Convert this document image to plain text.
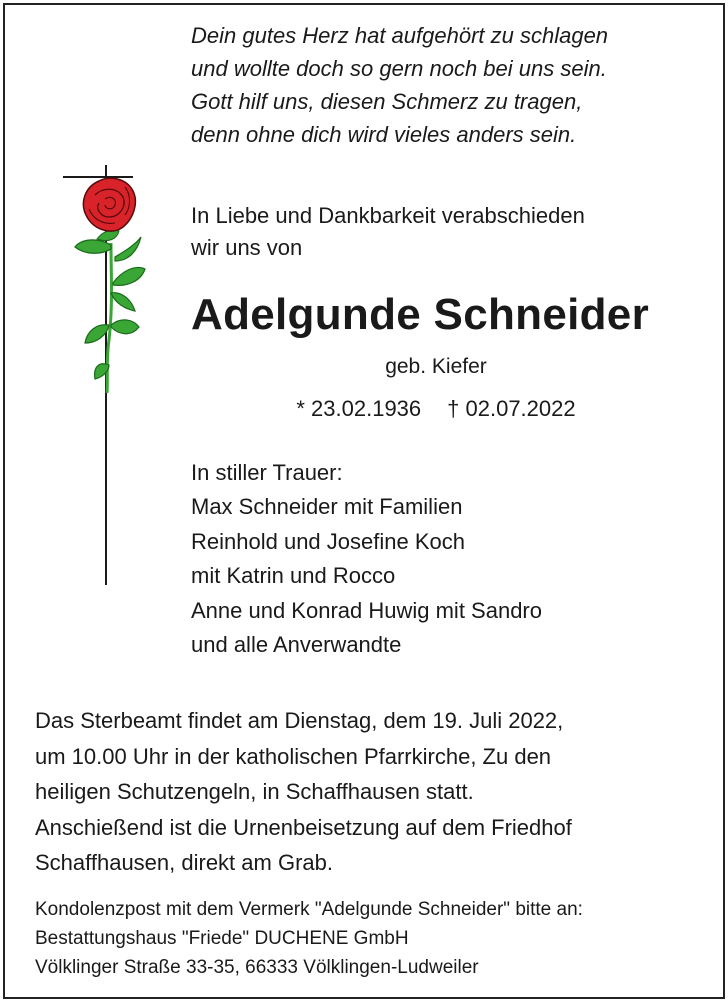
Dein gutes Herz hat aufgehört zu schlagen
und wollte doch so gern noch bei uns sein.
Gott hilf uns, diesen Schmerz zu tragen,
denn ohne dich wird vieles anders sein.
In Liebe und Dankbarkeit verabschieden
wir uns von
Adelgunde Schneider
geb. Kiefer
* 23.02.1936 † 02.07.2022
In stiller Trauer:
Max Schneider mit Familien
Reinhold und Josefine Koch
mit Katrin und Rocco
Anne und Konrad Huwig mit Sandro
und alle Anverwandte
Das Sterbeamt findet am Dienstag, dem 19. Juli 2022,
um 10.00 Uhr in der katholischen Pfarrkirche, Zu den
heiligen Schutzengeln, in Schaffhausen statt.
Anschießend ist die Urnenbeisetzung auf dem Friedhof
Schaffhausen, direkt am Grab.
Kondolenzpost mit dem Vermerk "Adelgunde Schneider" bitte an:
Bestattungshaus "Friede" DUCHENE GmbH
Völklinger Straße 33-35, 66333 Völklingen-Ludweiler
